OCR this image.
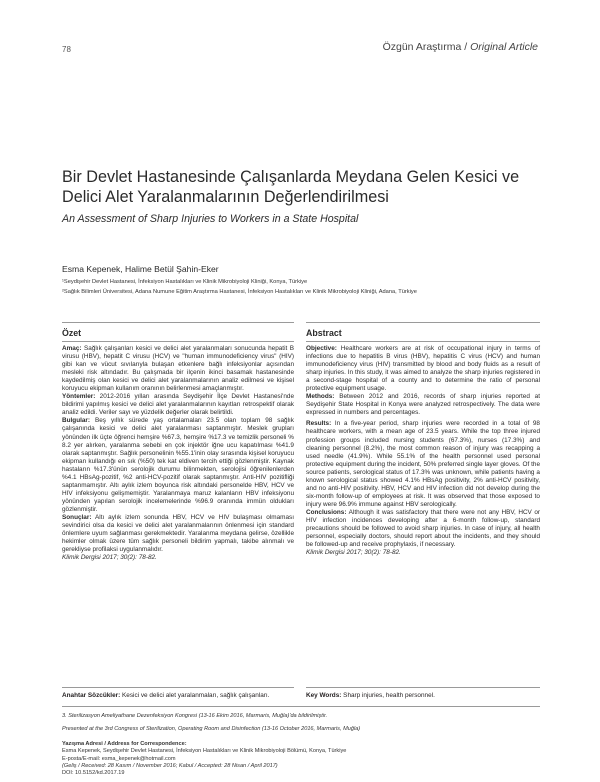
78	Özgün Araştırma / Original Article
Bir Devlet Hastanesinde Çalışanlarda Meydana Gelen Kesici ve Delici Alet Yaralanmalarının Değerlendirilmesi
An Assessment of Sharp Injuries to Workers in a State Hospital
Esma Kepenek, Halime Betül Şahin-Eker
¹Seydişehir Devlet Hastanesi, İnfeksiyon Hastalıkları ve Klinik Mikrobiyoloji Kliniği, Konya, Türkiye
²Sağlık Bilimleri Üniversitesi, Adana Numune Eğitim Araştırma Hastanesi, İnfeksiyon Hastalıkları ve Klinik Mikrobiyoloji Kliniği, Adana, Türkiye
Özet	Abstract

Amaç: Sağlık çalışanları kesici ve delici alet yaralanmaları sonucunda hepatit B virusu (HBV), hepatit C virusu (HCV) ve "human immunodeficiency virus" (HIV) gibi kan ve vücut sıvılarıyla bulaşan etkenlere bağlı infeksiyonlar açısından mesleki risk altındadır. Bu çalışmada bir ilçenin ikinci basamak hastanesinde kaydedilmiş olan kesici ve delici alet yaralanmalarının analiz edilmesi ve kişisel koruyucu ekipman kullanım oranının belirlenmesi amaçlanmıştır.

Yöntemler: 2012-2016 yılları arasında Seydişehir İlçe Devlet Hastanesi'nde bildirimi yapılmış kesici ve delici alet yaralanmalarının kayıtları retrospektif olarak analiz edildi. Veriler sayı ve yüzdelik değerler olarak belirtildi.

Bulgular: Beş yıllık sürede yaş ortalamaları 23.5 olan toplam 98 sağlık çalışanında kesici ve delici alet yaralanması saptanmıştır. Meslek grupları yönünden ilk üçte öğrenci hemşire %67.3, hemşire %17.3 ve temizlik personeli % 8.2 yer alırken, yaralanma sebebi en çok injektör iğne ucu kapatılması %41.9 olarak saptanmıştır. Sağlık personelinin %55.1'inin olay sırasında kişisel koruyucu ekipman kullandığı en sık (%50) tek kat eldiven tercih ettiği gözlenmiştir. Kaynak hastaların %17.3'ünün serolojik durumu bilinmekten, serolojisi öğrenilenlerden %4.1 HBsAg-pozitif, %2 anti-HCV-pozitif olarak saptanmıştır. Anti-HIV pozitifliği saptanmamıştır. Altı aylık izlem boyunca risk altındaki personelde HBV, HCV ve HIV infeksiyonu gelişmemiştir. Yaralanmaya maruz kalanların HBV infeksiyonu yönünden yapılan serolojik incelemelerinde %96.9 oranında immün oldukları gözlenmiştir.

Sonuçlar: Altı aylık izlem sonunda HBV, HCV ve HIV bulaşması olmaması sevindirici olsa da kesici ve delici alet yaralanmalarının önlenmesi için standard önlemlere uyum sağlanması gerekmektedir. Yaralanma meydana gelirse, özellikle hekimler olmak üzere tüm sağlık personeli bildirim yapmalı, takibe alınmalı ve gerekliyse profilaksi uygulanmalıdır.

Klimik Dergisi 2017; 30(2): 78-82.

Objective: Healthcare workers are at risk of occupational injury in terms of infections due to hepatitis B virus (HBV), hepatitis C virus (HCV) and human immunodeficiency virus (HIV) transmitted by blood and body fluids as a result of sharp injuries. In this study, it was aimed to analyze the sharp injuries registered in a second-stage hospital of a county and to determine the ratio of personal protective equipment usage.

Methods: Between 2012 and 2016, records of sharp injuries reported at Seydişehir State Hospital in Konya were analyzed retrospectively. The data were expressed in numbers and percentages.

Results: In a five-year period, sharp injuries were recorded in a total of 98 healthcare workers, with a mean age of 23.5 years. While the top three injured profession groups included nursing students (67.3%), nurses (17.3%) and cleaning personnel (8.2%), the most common reason of injury was recapping a used needle (41.9%). While 55.1% of the health personnel used personal protective equipment during the incident, 50% preferred single layer gloves. Of the source patients, serological status of 17.3% was unknown, while patients having a known serological status showed 4.1% HBsAg positivity, 2% anti-HCV positivity, and no anti-HIV positivity. HBV, HCV and HIV infection did not develop during the six-month follow-up of employees at risk. It was observed that those exposed to injury were 96.9% immune against HBV serologically.

Conclusions: Although it was satisfactory that there were not any HBV, HCV or HIV infection incidences developing after a 6-month follow-up, standard precautions should be followed to avoid sharp injuries. In case of injury, all health personnel, especially doctors, should report about the incidents, and they should be followed-up and receive prophylaxis, if necessary.

Klimik Dergisi 2017; 30(2): 78-82.

Anahtar Sözcükler: Kesici ve delici alet yaralanmaları, sağlık çalışanları.	Key Words: Sharp injuries, health personnel.
3. Sterilizasyon Ameliyathane Dezenfeksiyon Kongresi (13-16 Ekim 2016, Marmaris, Muğla)'da bildirilmiştir.
Presented at the 3rd Congress of Sterilization, Operating Room and Disinfection (13-16 October 2016, Marmaris, Muğla)
Yazışma Adresi / Address for Correspondence:
Esma Kepenek, Seydişehir Devlet Hastanesi, İnfeksiyon Hastalıkları ve Klinik Mikrobiyoloji Bölümü, Konya, Türkiye
E-posta/E-mail: esma_kepenek@hotmail.com
(Geliş / Received: 28 Kasım / November 2016; Kabul / Accepted: 28 Nisan / April 2017)
DOI: 10.5152/kd.2017.19
